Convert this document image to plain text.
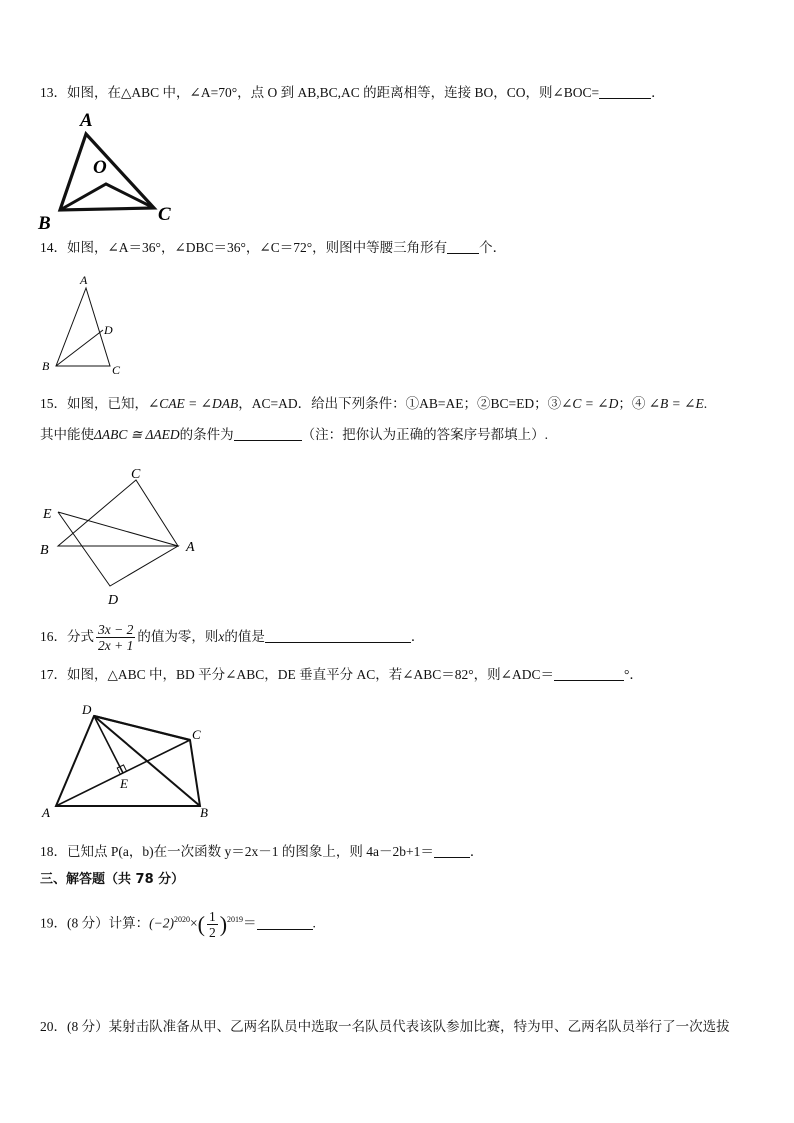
13．如图，在△ABC 中，∠A=70°，点 O 到 AB,BC,AC 的距离相等，连接 BO，CO，则∠BOC=	．
A
O
B	C
14．如图，∠A＝36°，∠DBC＝36°，∠C＝72°，则图中等腰三角形有 个．
A
D
B	C
15．如图，已知，∠CAE = ∠DAB，AC=AD．给出下列条件：①AB=AE；②BC=ED；③∠C = ∠D；④ ∠B = ∠E.
其中能使ΔABC ≅ ΔAED的条件为	（注：把你认为正确的答案序号都填上）.
C
E
B	A
D
16．分式 $\frac{3x - 2}{2x + 1}$ 的值为零，则x的值是	．
17．如图，△ABC 中，BD 平分∠ABC，DE 垂直平分 AC，若∠ABC＝82°，则∠ADC＝	°．
D
C
E
A	B
18．已知点 P(a，b)在一次函数 y＝2x－1 的图象上，则 4a－2b+1＝	．
三、解答题（共 78 分）
19．(8 分）计算：$(-2)^{2020}\times( \frac{1}{2} )^{2019}=$	.
20．(8 分）某射击队准备从甲、乙两名队员中选取一名队员代表该队参加比赛，特为甲、乙两名队员举行了一次选拔
